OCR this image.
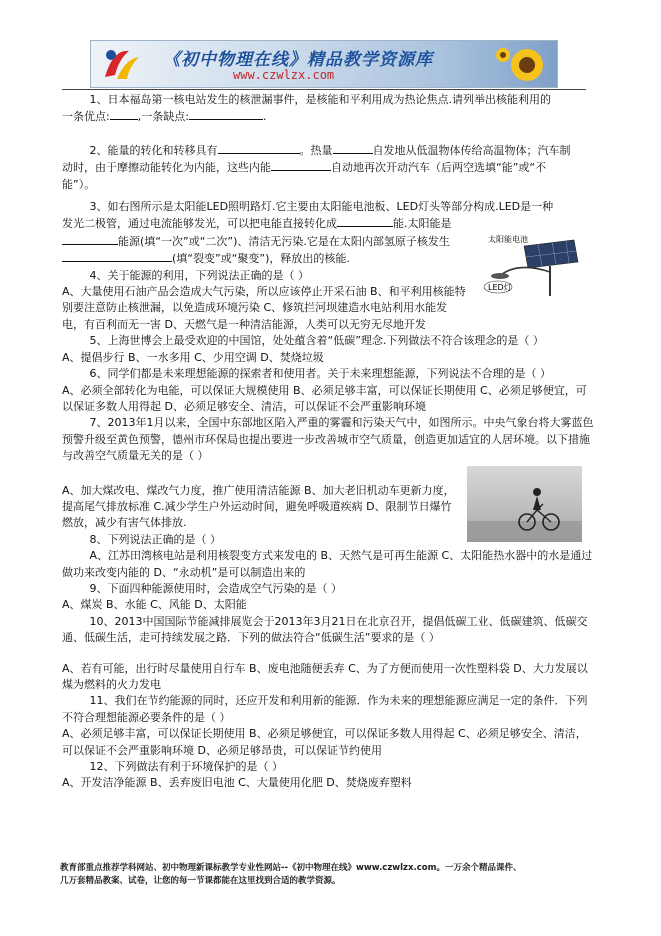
《初中物理在线》精品教学资源库
www.czwlzx.com
太阳能电池
LED灯

1、日本福岛第一核电站发生的核泄漏事件，是核能和平利用成为热论焦点.请列举出核能利用的

一条优点:	,一条缺点:	.

2、能量的转化和转移具有	。热量	自发地从低温物体传给高温物体；汽车制

动时，由于摩擦动能转化为内能，这些内能	自动地再次开动汽车（后两空选填“能”或“不

能”）。

3、如右图所示是太阳能LED照明路灯.它主要由太阳能电池板、LED灯头等部分构成.LED是一种

发光二极管，通过电流能够发光，可以把电能直接转化成	能.太阳能是

能源(填“一次”或“二次”)、清洁无污染.它是在太阳内部氢原子核发生

(填“裂变”或“聚变”)，释放出的核能.

4、关于能源的利用，下列说法正确的是（ ）

A、大量使用石油产品会造成大气污染，所以应该停止开采石油 B、和平利用核能特别要注意防止核泄漏，以免造成环境污染 C、修筑拦河坝建造水电站利用水能发电，有百利而无一害 D、天燃气是一种清洁能源，人类可以无穷无尽地开发

5、上海世博会上最受欢迎的中国馆，处处蕴含着“低碳”理念.下列做法不符合该理念的是（ ）

A、提倡步行 B、一水多用 C、少用空调 D、焚烧垃圾

6、同学们都是未来理想能源的探索者和使用者。关于未来理想能源，下列说法不合理的是（ ）

A、必须全部转化为电能，可以保证大规模使用 B、必须足够丰富，可以保证长期使用 C、必须足够便宜，可以保证多数人用得起 D、必须足够安全、清洁，可以保证不会严重影响环境

7、2013年1月以来，全国中东部地区陷入严重的雾霾和污染天气中，如图所示。中央气象台将大雾蓝色预警升级至黄色预警，德州市环保局也提出要进一步改善城市空气质量，创造更加适宜的人居环境。以下措施与改善空气质量无关的是（ ）

A、加大煤改电、煤改气力度，推广使用清洁能源 B、加大老旧机动车更新力度，提高尾气排放标准 C.减少学生户外运动时间，避免呼吸道疾病 D、限制节日爆竹燃放，减少有害气体排放.

8、下列说法正确的是（ ）

A、江苏田湾核电站是利用核裂变方式来发电的 B、天然气是可再生能源 C、太阳能热水器中的水是通过做功来改变内能的 D、“永动机”是可以制造出来的

9、下面四种能源使用时，会造成空气污染的是（ ）

A、煤炭 B、水能 C、风能 D、太阳能

10、2013中国国际节能减排展览会于2013年3月21日在北京召开，提倡低碳工业、低碳建筑、低碳交通、低碳生活，走可持续发展之路．下列的做法符合“低碳生活”要求的是（ ）

A、若有可能，出行时尽量使用自行车 B、废电池随便丢弃 C、为了方便而使用一次性塑料袋 D、大力发展以煤为燃料的火力发电

11、我们在节约能源的同时，还应开发和利用新的能源．作为未来的理想能源应满足一定的条件．下列不符合理想能源必要条件的是（ ）

A、必须足够丰富，可以保证长期使用 B、必须足够便宜，可以保证多数人用得起 C、必须足够安全、清洁，可以保证不会严重影响环境 D、必须足够昂贵，可以保证节约使用

12、下列做法有利于环境保护的是（ ）

A、开发洁净能源 B、丢弃废旧电池 C、大量使用化肥 D、焚烧废弃塑料

教育部重点推荐学科网站、初中物理新课标教学专业性网站--《初中物理在线》www.czwlzx.com。一万余个精品课件、
几万套精品教案、试卷，让您的每一节课都能在这里找到合适的教学资源。
